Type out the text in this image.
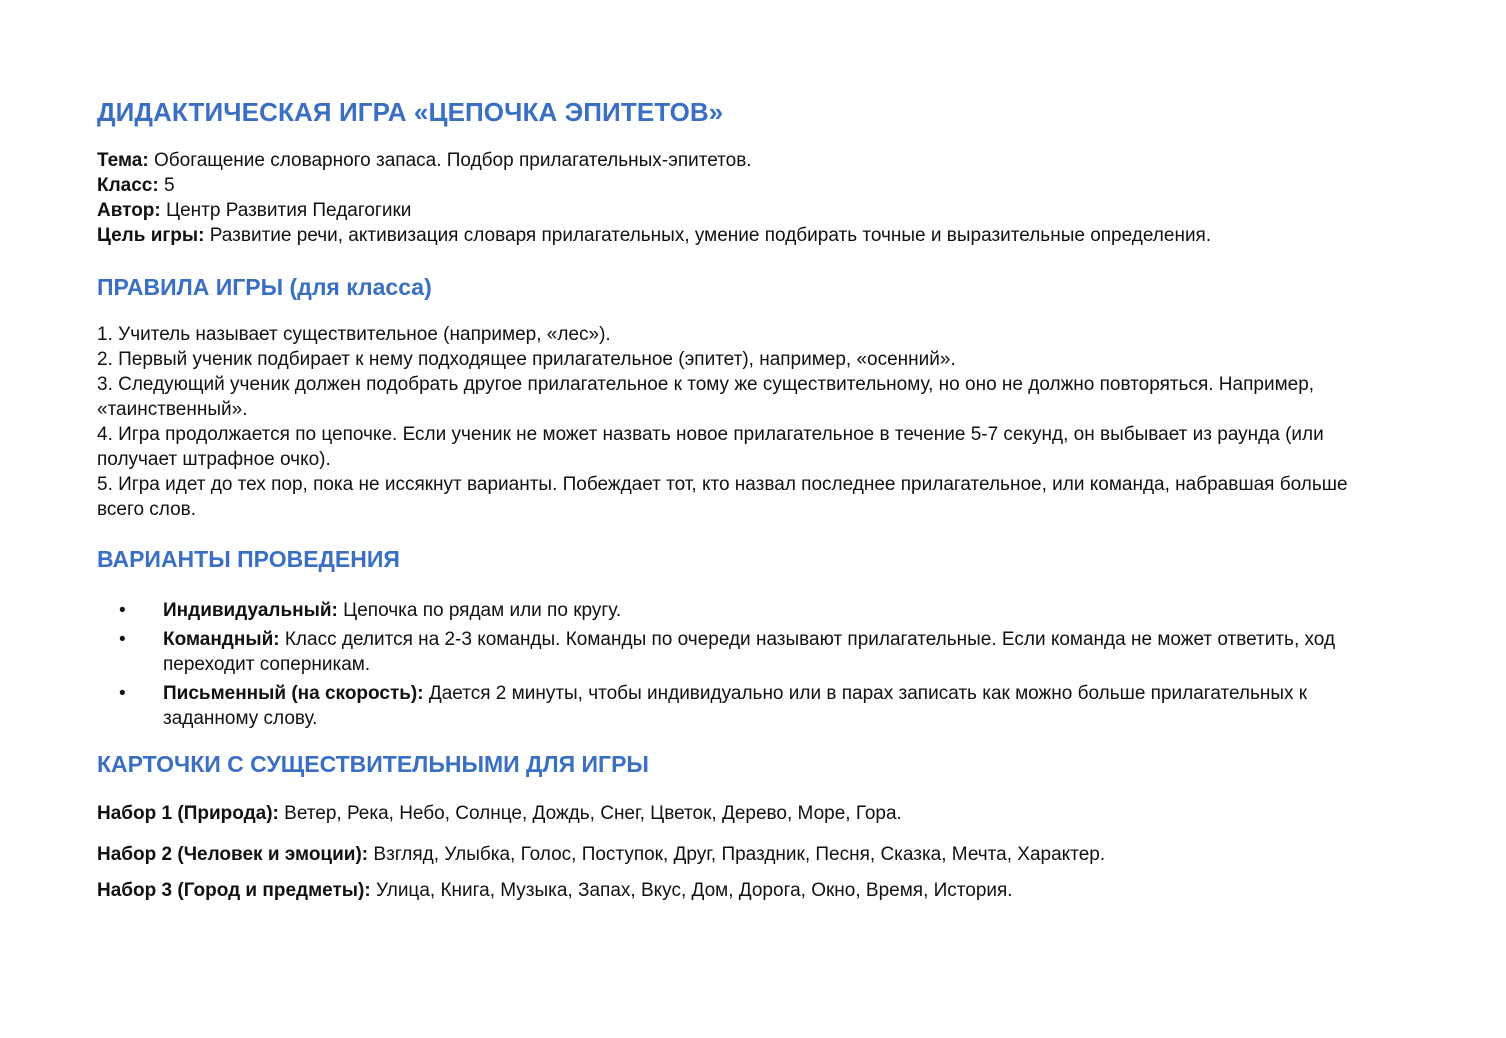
ДИДАКТИЧЕСКАЯ ИГРА «ЦЕПОЧКА ЭПИТЕТОВ»
Тема: Обогащение словарного запаса. Подбор прилагательных-эпитетов.
Класс: 5
Автор: Центр Развития Педагогики
Цель игры: Развитие речи, активизация словаря прилагательных, умение подбирать точные и выразительные определения.
ПРАВИЛА ИГРЫ (для класса)
1. Учитель называет существительное (например, «лес»).
2. Первый ученик подбирает к нему подходящее прилагательное (эпитет), например, «осенний».
3. Следующий ученик должен подобрать другое прилагательное к тому же существительному, но оно не должно повторяться. Например, «таинственный».
4. Игра продолжается по цепочке. Если ученик не может назвать новое прилагательное в течение 5-7 секунд, он выбывает из раунда (или получает штрафное очко).
5. Игра идет до тех пор, пока не иссякнут варианты. Побеждает тот, кто назвал последнее прилагательное, или команда, набравшая больше всего слов.
ВАРИАНТЫ ПРОВЕДЕНИЯ
• Индивидуальный: Цепочка по рядам или по кругу.
• Командный: Класс делится на 2-3 команды. Команды по очереди называют прилагательные. Если команда не может ответить, ход переходит соперникам.
• Письменный (на скорость): Дается 2 минуты, чтобы индивидуально или в парах записать как можно больше прилагательных к заданному слову.
КАРТОЧКИ С СУЩЕСТВИТЕЛЬНЫМИ ДЛЯ ИГРЫ

Набор 1 (Природа): Ветер, Река, Небо, Солнце, Дождь, Снег, Цветок, Дерево, Море, Гора.

Набор 2 (Человек и эмоции): Взгляд, Улыбка, Голос, Поступок, Друг, Праздник, Песня, Сказка, Мечта, Характер.

Набор 3 (Город и предметы): Улица, Книга, Музыка, Запах, Вкус, Дом, Дорога, Окно, Время, История.
